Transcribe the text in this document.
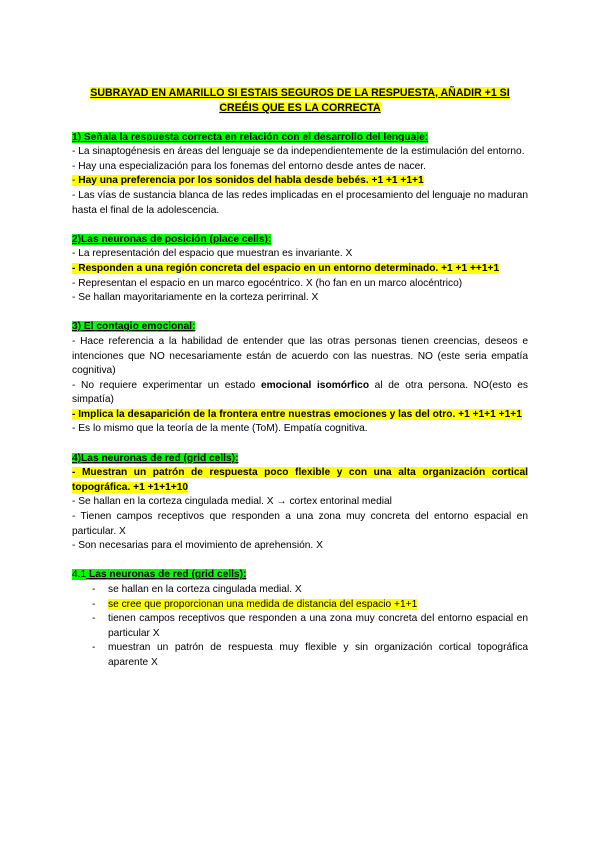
SUBRAYAD EN AMARILLO SI ESTAIS SEGUROS DE LA RESPUESTA, AÑADIR +1 SI
CREÉIS QUE ES LA CORRECTA

1) Señala la respuesta correcta en relación con el desarrollo del lenguaje:

- La sinaptogénesis en áreas del lenguaje se da independientemente de la estimulación del entorno.

- Hay una especialización para los fonemas del entorno desde antes de nacer.

- Hay una preferencia por los sonidos del habla desde bebés. +1 +1 +1+1

- Las vías de sustancia blanca de las redes implicadas en el procesamiento del lenguaje no maduran hasta el final de la adolescencia.

2)Las neuronas de posición (place cells):

- La representación del espacio que muestran es invariante. X

- Responden a una región concreta del espacio en un entorno determinado. +1 +1 ++1+1

- Representan el espacio en un marco egocéntrico. X (ho fan en un marco alocéntrico)

- Se hallan mayoritariamente en la corteza perirrinal. X

3) El contagio emocional:

- Hace referencia a la habilidad de entender que las otras personas tienen creencias, deseos e intenciones que NO necesariamente están de acuerdo con las nuestras. NO (este seria empatía cognitiva)

- No requiere experimentar un estado emocional isomórfico al de otra persona. NO(esto es simpatía)

- Implica la desaparición de la frontera entre nuestras emociones y las del otro. +1 +1+1 +1+1

- Es lo mismo que la teoría de la mente (ToM). Empatía cognitiva.

4)Las neuronas de red (grid cells):

- Muestran un patrón de respuesta poco flexible y con una alta organización cortical topográfica. +1 +1+1+10

- Se hallan en la corteza cingulada medial. X → cortex entorinal medial

- Tienen campos receptivos que responden a una zona muy concreta del entorno espacial en particular. X

- Son necesarias para el movimiento de aprehensión. X

4.1 Las neuronas de red (grid cells):

-	se hallan en la corteza cingulada medial. X
-	se cree que proporcionan una medida de distancia del espacio +1+1
-	tienen campos receptivos que responden a una zona muy concreta del entorno espacial en particular X
-	muestran un patrón de respuesta muy flexible y sin organización cortical topográfica aparente X
